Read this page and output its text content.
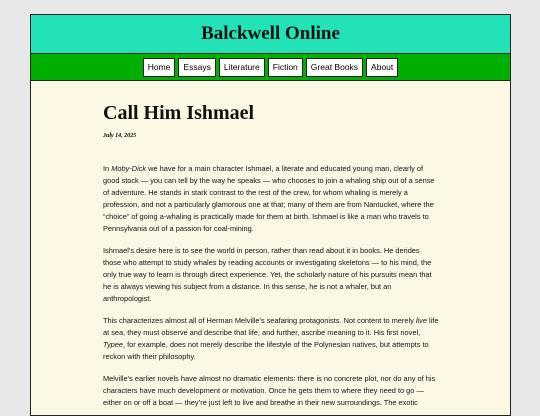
Balckwell Online
Home	Essays	Literature	Fiction	Great Books	About
Call Him Ishmael
July 14, 2025

In Moby-Dick we have for a main character Ishmael, a literate and educated young man, clearly of good stock — you can tell by the way he speaks — who chooses to join a whaling ship out of a sense of adventure. He stands in stark contrast to the rest of the crew, for whom whaling is merely a profession, and not a particularly glamorous one at that; many of them are from Nantucket, where the “choice” of going a-whaling is practically made for them at birth. Ishmael is like a man who travels to Pennsylvania out of a passion for coal-mining.

Ishmael’s desire here is to see the world in person, rather than read about it in books. He derides those who attempt to study whales by reading accounts or investigating skeletons — to his mind, the only true way to learn is through direct experience. Yet, the scholarly nature of his pursuits mean that he is always viewing his subject from a distance. In this sense, he is not a whaler, but an anthropologist.

This characterizes almost all of Herman Melville’s seafaring protagonists. Not content to merely live life at sea, they must observe and describe that life, and further, ascribe meaning to it. His first novel, Typee, for example, does not merely describe the lifestyle of the Polynesian natives, but attempts to reckon with their philosophy.

Melville’s earlier novels have almost no dramatic elements: there is no concrete plot, nor do any of his characters have much development or motivation. Once he gets them to where they need to go — either on or off a boat — they’re just left to live and breathe in their new surroundings. The exotic
